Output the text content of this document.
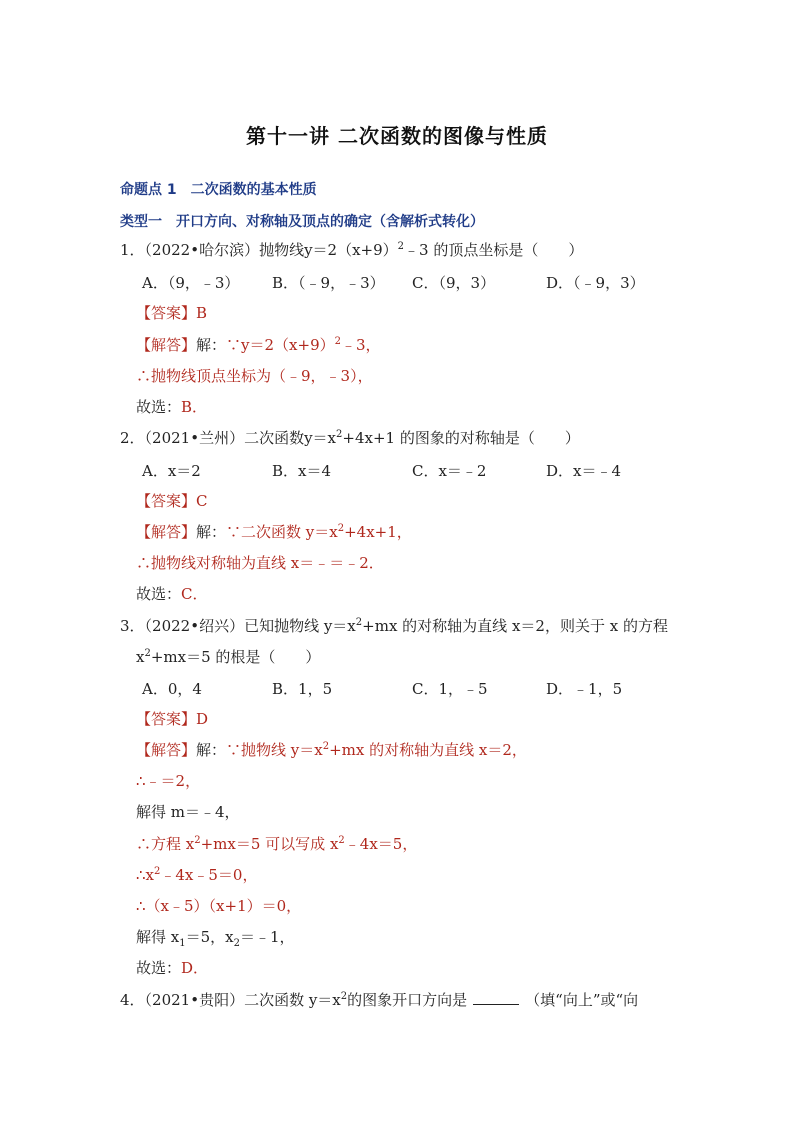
第十一讲 二次函数的图像与性质
命题点 1　二次函数的基本性质
类型一　开口方向、对称轴及顶点的确定（含解析式转化）
1．（2022•哈尔滨）抛物线$y=2(x+9)^2﹣3$ 的顶点坐标是（　　）
A．（9，﹣3） B．（﹣9，﹣3） C．（9，3）	D．（﹣9，3）
【答案】B
【解答】解：$\because y=2(x+9)^2﹣3$，
∴抛物线顶点坐标为（﹣9，﹣3），
故选：B．
2．（2021•兰州）二次函数$y=x^2+4x+1$ 的图象的对称轴是（　　）
A．x＝2	B．x＝4	C．x＝﹣2	D．x＝﹣4
【答案】C
【解答】解：∵二次函数 $y=x^2+4x+1$，
∴抛物线对称轴为直线 x＝﹣＝﹣2．
故选：C．
3．（2022•绍兴）已知抛物线 $y=x^2+mx$ 的对称轴为直线 x＝2，则关于 x 的方程
$x^2+mx=5$ 的根是（　　）
A．0，4	B．1，5	C．1，﹣5	D．﹣1，5
【答案】D
【解答】解：∵抛物线 $y=x^2+mx$ 的对称轴为直线 x＝2，
∴﹣＝2，
解得 m＝﹣4，
∴方程 $x^2+mx=5$ 可以写成 $x^2﹣4x=5$，
$\therefore x^2﹣4x﹣5=0$，
∴（x﹣5）（x+1）＝0，
解得 $x_1=5$，$x_2=﹣1$，
故选：D．
4．（2021•贵阳）二次函数 $y=x^2$的图象开口方向是	（填“向上”或“向
